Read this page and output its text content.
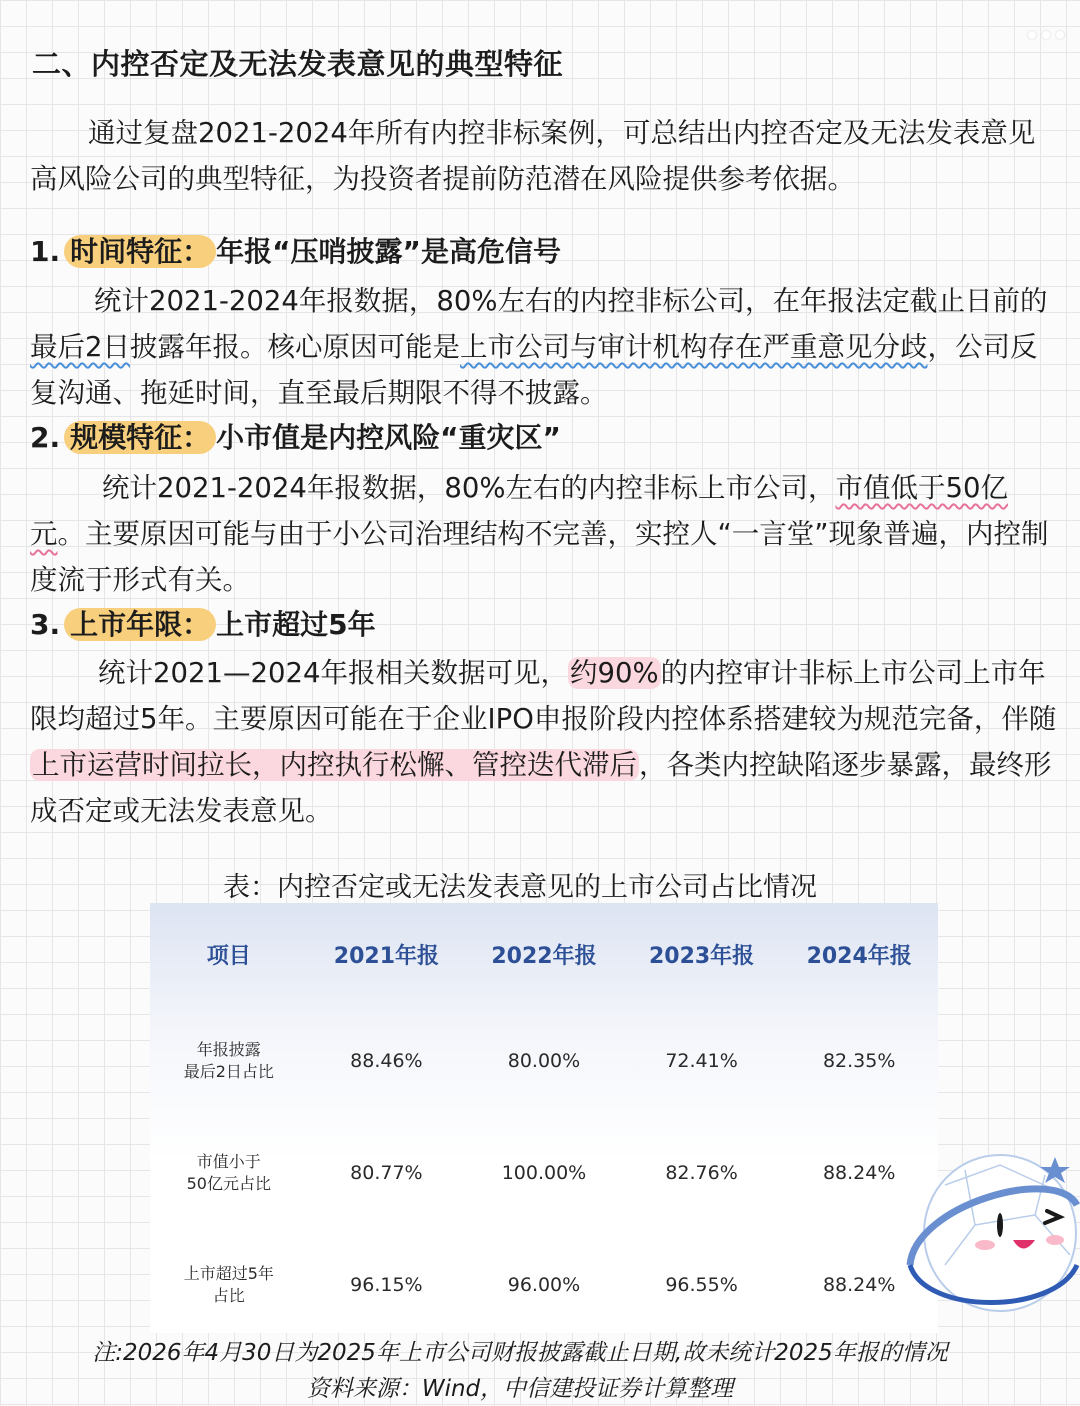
二、内控否定及无法发表意见的典型特征

通过复盘2021-2024年所有内控非标案例，可总结出内控否定及无法发表意见高风险公司的典型特征，为投资者提前防范潜在风险提供参考依据。

1. 时间特征： 年报“压哨披露”是高危信号

统计2021-2024年报数据，80%左右的内控非标公司，在年报法定截止日前的最后2日披露年报。核心原因可能是上市公司与审计机构存在严重意见分歧，公司反复沟通、拖延时间，直至最后期限不得不披露。

2. 规模特征： 小市值是内控风险“重灾区”

统计2021-2024年报数据，80%左右的内控非标上市公司，市值低于50亿元。主要原因可能与由于小公司治理结构不完善，实控人“一言堂”现象普遍，内控制度流于形式有关。

3. 上市年限： 上市超过5年

统计2021—2024年报相关数据可见，约90%的内控审计非标上市公司上市年限均超过5年。主要原因可能在于企业IPO申报阶段内控体系搭建较为规范完备，伴随上市运营时间拉长，内控执行松懈、管控迭代滞后，各类内控缺陷逐步暴露，最终形成否定或无法发表意见。

表：内控否定或无法发表意见的上市公司占比情况
项目	2021年报	2022年报	2023年报	2024年报
年报披露
最后2日占比	88.46%	80.00%	72.41%	82.35%
市值小于
50亿元占比	80.77%	100.00%	82.76%	88.24%
上市超过5年
占比	96.15%	96.00%	96.55%	88.24%
注:2026年4月30日为2025年上市公司财报披露截止日期,故未统计2025年报的情况
资料来源：Wind，中信建投证券计算整理
